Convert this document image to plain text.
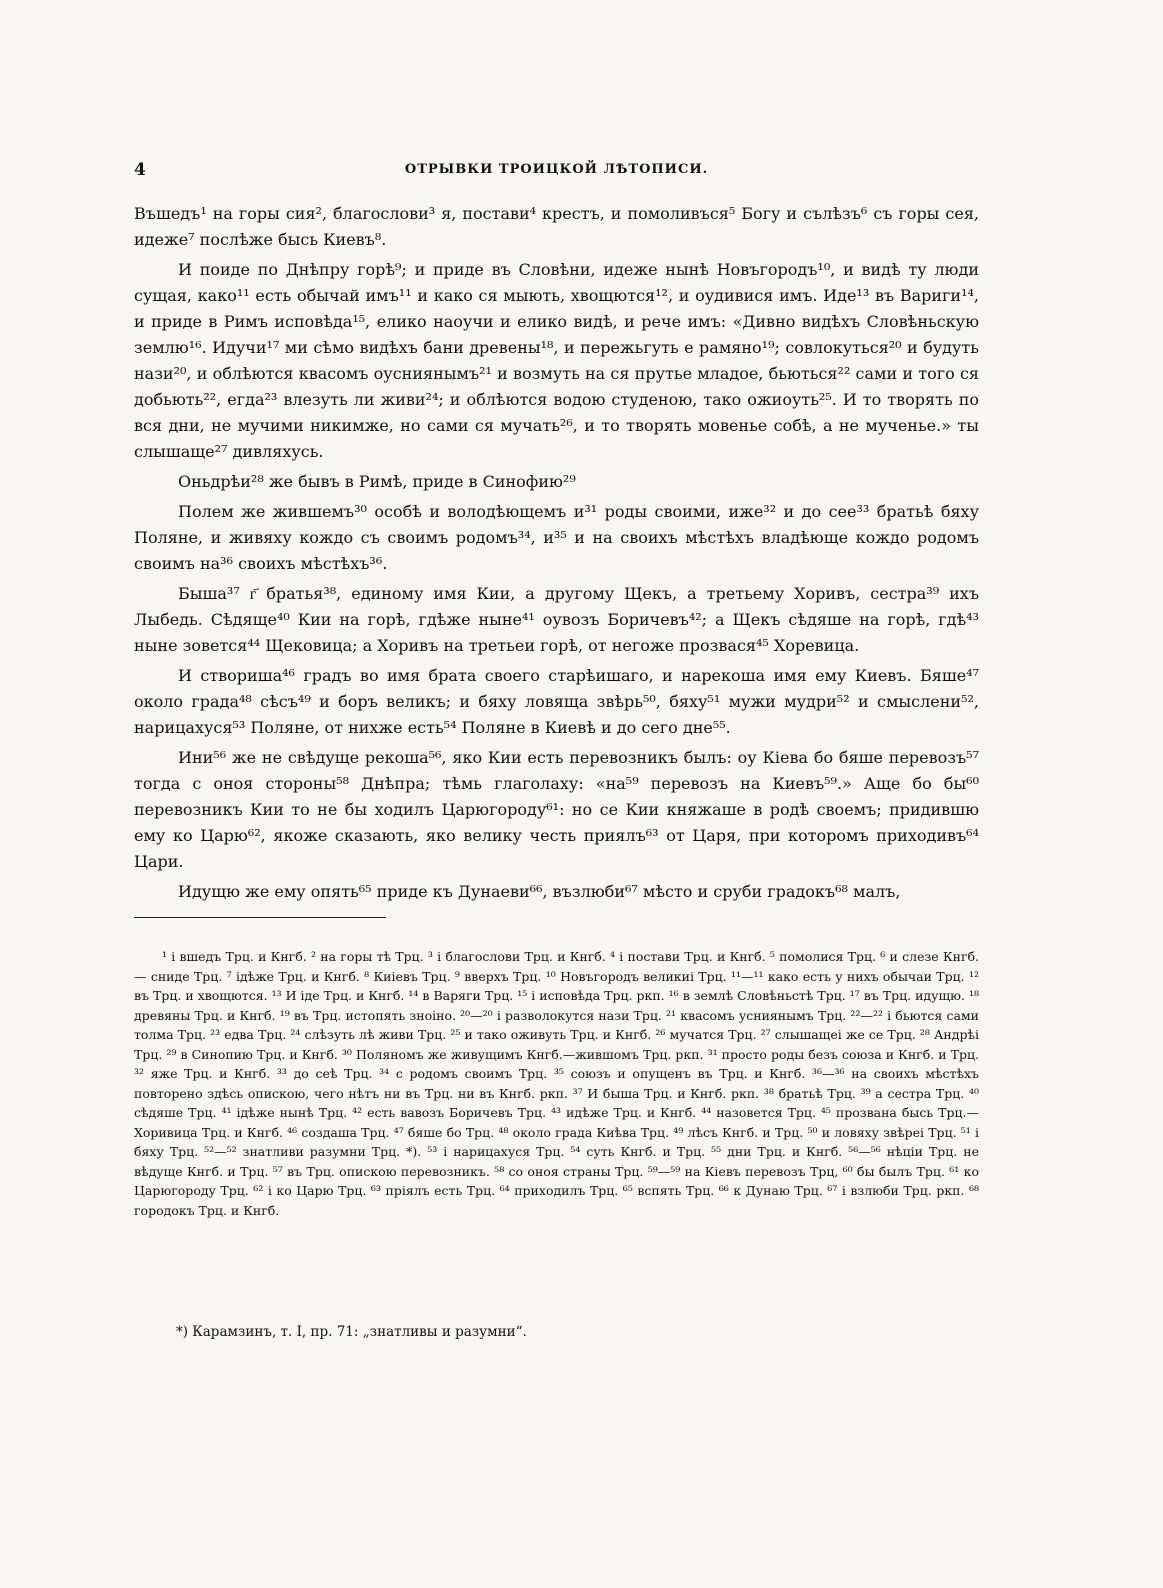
4	ОТРЫВКИ ТРОИЦКОЙ ЛѢТОПИСИ.

Въшедъ¹ на горы сия², благослови³ я, постави⁴ крестъ, и помоливъся⁵ Богу и сълѣзъ⁶ съ горы сея, идеже⁷ послѣже бысь Киевъ⁸.

И поиде по Днѣпру горѣ⁹; и приде въ Словѣни, идеже нынѣ Новъгородъ¹⁰, и видѣ ту люди сущая, како¹¹ есть обычай имъ¹¹ и како ся мыють, хвощются¹², и оудивися имъ. Иде¹³ въ Вариги¹⁴, и приде в Римъ исповѣда¹⁵, елико наоучи и елико видѣ, и рече имъ: «Дивно видѣхъ Словѣньскую землю¹⁶. Идучи¹⁷ ми сѣмо видѣхъ бани древены¹⁸, и пережьгуть е рамяно¹⁹; совлокуться²⁰ и будуть нази²⁰, и облѣются квасомъ оусниянымъ²¹ и возмуть на ся прутье младое, бьються²² сами и того ся добьють²², егда²³ влезуть ли живи²⁴; и облѣются водою студеною, тако ожиоуть²⁵. И то творять по вся дни, не мучими никимже, но сами ся мучать²⁶, и то творять мовенье собѣ, а не мученье.» ты слышаще²⁷ дивляхусь.

Оньдрѣи²⁸ же бывъ в Римѣ, приде в Синофию²⁹

Полем же жившемъ³⁰ особѣ и володѣющемъ и³¹ роды своими, иже³² и до сее³³ братьѣ бяху Поляне, и живяху кождо съ своимъ родомъ³⁴, и³⁵ и на своихъ мѣстѣхъ владѣюще кождо родомъ своимъ на³⁶ своихъ мѣстѣхъ³⁶.

Быша³⁷ г҃ братья³⁸, единому имя Кии, а другому Щекъ, а третьему Хоривъ, сестра³⁹ ихъ Лыбедь. Сѣдяще⁴⁰ Кии на горѣ, гдѣже ныне⁴¹ оувозъ Боричевъ⁴²; а Щекъ сѣдяше на горѣ, гдѣ⁴³ ныне зовется⁴⁴ Щековица; а Хоривъ на третьеи горѣ, от негоже прозвася⁴⁵ Хоревица.

И створиша⁴⁶ градъ во имя брата своего старѣишаго, и нарекоша имя ему Киевъ. Бяше⁴⁷ около града⁴⁸ сѣсъ⁴⁹ и боръ великъ; и бяху ловяща звѣрь⁵⁰, бяху⁵¹ мужи мудри⁵² и смыслени⁵², нарицахуся⁵³ Поляне, от нихже есть⁵⁴ Поляне в Киевѣ и до сего дне⁵⁵.

Ини⁵⁶ же не свѣдуще рекоша⁵⁶, яко Кии есть перевозникъ былъ: оу Кіева бо бяше перевозъ⁵⁷ тогда с оноя стороны⁵⁸ Днѣпра; тѣмь глаголаху: «на⁵⁹ перевозъ на Киевъ⁵⁹.» Аще бо бы⁶⁰ перевозникъ Кии то не бы ходилъ Царюгороду⁶¹: но се Кии княжаше в родѣ своемъ; придившю ему ко Царю⁶², якоже сказають, яко велику честь приялъ⁶³ от Царя, при которомъ приходивъ⁶⁴ Цари.

Идущю же ему опять⁶⁵ приде къ Дунаеви⁶⁶, възлюби⁶⁷ мѣсто и сруби градокъ⁶⁸ малъ,

¹ і вшедъ Трц. и Кнгб. ² на горы тѣ Трц. ³ і благослови Трц. и Кнгб. ⁴ і постави Трц. и Кнгб. ⁵ помолися Трц. ⁶ и слезе Кнгб. — сниде Трц. ⁷ ідѣже Трц. и Кнгб. ⁸ Киіевъ Трц. ⁹ вверхъ Трц. ¹⁰ Новъгородъ великиі Трц. ¹¹—¹¹ како есть у нихъ обычаи Трц. ¹² въ Трц. и хвощются. ¹³ И іде Трц. и Кнгб. ¹⁴ в Варяги Трц. ¹⁵ і исповѣда Трц. ркп. ¹⁶ в землѣ Словѣньстѣ Трц. ¹⁷ въ Трц. идущю. ¹⁸ древяны Трц. и Кнгб. ¹⁹ въ Трц. истопять зноіно. ²⁰—²⁰ і разволокутся нази Трц. ²¹ квасомъ усниянымъ Трц. ²²—²² і бьются сами толма Трц. ²³ едва Трц. ²⁴ слѣзуть лѣ живи Трц. ²⁵ и тако оживуть Трц. и Кнгб. ²⁶ мучатся Трц. ²⁷ слышащеі же се Трц. ²⁸ Андрѣі Трц. ²⁹ в Синопию Трц. и Кнгб. ³⁰ Поляномъ же живущимъ Кнгб.—жившомъ Трц. ркп. ³¹ просто роды безъ союза и Кнгб. и Трц. ³² яже Трц. и Кнгб. ³³ до сеѣ Трц. ³⁴ с родомъ своимъ Трц. ³⁵ союзъ и опущенъ въ Трц. и Кнгб. ³⁶—³⁶ на своихъ мѣстѣхъ повторено здѣсь опискою, чего нѣтъ ни въ Трц. ни въ Кнгб. ркп. ³⁷ И быша Трц. и Кнгб. ркп. ³⁸ братьѣ Трц. ³⁹ а сестра Трц. ⁴⁰ сѣдяше Трц. ⁴¹ ідѣже нынѣ Трц. ⁴² есть вавозъ Боричевъ Трц. ⁴³ идѣже Трц. и Кнгб. ⁴⁴ назовется Трц. ⁴⁵ прозвана бысь Трц.—Хоривица Трц. и Кнгб. ⁴⁶ создаша Трц. ⁴⁷ бяше бо Трц. ⁴⁸ около града Киѣва Трц. ⁴⁹ лѣсъ Кнгб. и Трц. ⁵⁰ и ловяху звѣреі Трц. ⁵¹ і бяху Трц. ⁵²—⁵² знатливи разумни Трц. *). ⁵³ і нарицахуся Трц. ⁵⁴ суть Кнгб. и Трц. ⁵⁵ дни Трц. и Кнгб. ⁵⁶—⁵⁶ нѣціи Трц. не вѣдуще Кнгб. и Трц. ⁵⁷ въ Трц. опискою перевозникъ. ⁵⁸ со оноя страны Трц. ⁵⁹—⁵⁹ на Кіевъ перевозъ Трц, ⁶⁰ бы былъ Трц. ⁶¹ ко Царюгороду Трц. ⁶² і ко Царю Трц. ⁶³ пріялъ есть Трц. ⁶⁴ приходилъ Трц. ⁶⁵ вспять Трц. ⁶⁶ к Дунаю Трц. ⁶⁷ і взлюби Трц. ркп. ⁶⁸ городокъ Трц. и Кнгб.
*) Карамзинъ, т. I, пр. 71: „знатливы и разумни“.
